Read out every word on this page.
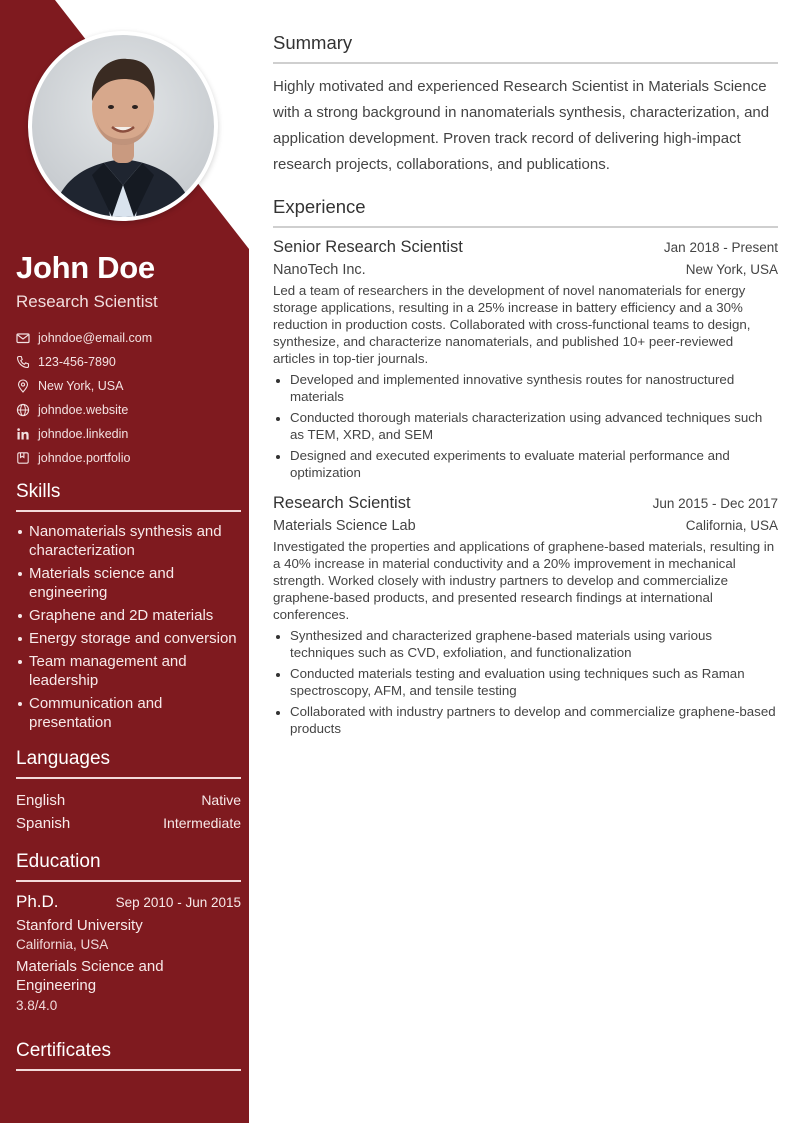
John Doe
Research Scientist
johndoe@email.com
123-456-7890
New York, USA
johndoe.website
johndoe.linkedin
johndoe.portfolio
Skills
Nanomaterials synthesis and characterization
Materials science and engineering
Graphene and 2D materials
Energy storage and conversion
Team management and leadership
Communication and presentation
Languages
English	Native
Spanish	Intermediate
Education
Ph.D.	Sep 2010 - Jun 2015
Stanford University
California, USA
Materials Science and Engineering
3.8/4.0
Certificates
Summary

Highly motivated and experienced Research Scientist in Materials Science with a strong background in nanomaterials synthesis, characterization, and application development. Proven track record of delivering high-impact research projects, collaborations, and publications.

Experience
Senior Research Scientist	Jan 2018 - Present
NanoTech Inc.	New York, USA
Led a team of researchers in the development of novel nanomaterials for energy storage applications, resulting in a 25% increase in battery efficiency and a 30% reduction in production costs. Collaborated with cross-functional teams to design, synthesize, and characterize nanomaterials, and published 10+ peer-reviewed articles in top-tier journals.
Developed and implemented innovative synthesis routes for nanostructured materials
Conducted thorough materials characterization using advanced techniques such as TEM, XRD, and SEM
Designed and executed experiments to evaluate material performance and optimization
Research Scientist	Jun 2015 - Dec 2017
Materials Science Lab	California, USA
Investigated the properties and applications of graphene-based materials, resulting in a 40% increase in material conductivity and a 20% improvement in mechanical strength. Worked closely with industry partners to develop and commercialize graphene-based products, and presented research findings at international conferences.
Synthesized and characterized graphene-based materials using various techniques such as CVD, exfoliation, and functionalization
Conducted materials testing and evaluation using techniques such as Raman spectroscopy, AFM, and tensile testing
Collaborated with industry partners to develop and commercialize graphene-based products
